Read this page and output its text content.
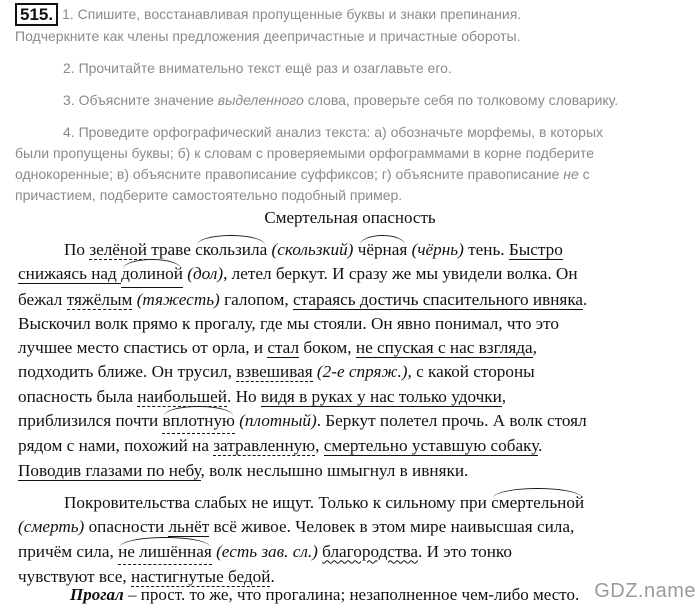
515. 1. Спишите, восстанавливая пропущенные буквы и знаки препинания.
Подчеркните как члены предложения деепричастные и причастные обороты.
2. Прочитайте внимательно текст ещё раз и озаглавьте его.
3. Объясните значение выделенного слова, проверьте себя по толковому словарику.
4. Проведите орфографический анализ текста: а) обозначьте морфемы, в которых
были пропущены буквы; б) к словам с проверяемыми орфограммами в корне подберите
однокоренные; в) объясните правописание суффиксов; г) объясните правописание не с
причастием, подберите самостоятельно подобный пример.
Смертельная опасность
По зелёной траве скользила (скользкий) чёрная (чёрнь) тень. Быстро
снижаясь над долиной (дол), летел беркут. И сразу же мы увидели волка. Он
бежал тяжёлым (тяжесть) галопом, стараясь достичь спасительного ивняка.
Выскочил волк прямо к прогалу, где мы стояли. Он явно понимал, что это
лучшее место спастись от орла, и стал боком, не спуская с нас взгляда,
подходить ближе. Он трусил, взвешивая (2-е спряж.), с какой стороны
опасность была наибольшей. Но видя в руках у нас только удочки,
приблизился почти вплотную (плотный). Беркут полетел прочь. А волк стоял
рядом с нами, похожий на затравленную, смертельно уставшую собаку.
Поводив глазами по небу, волк неслышно шмыгнул в ивняки.
Покровительства слабых не ищут. Только к сильному при смертельной
(смерть) опасности льнёт всё живое. Человек в этом мире наивысшая сила,
причём сила, не лишённая (есть зав. сл.) благородства. И это тонко
чувствуют все, настигнутые бедой.
Прогал – прост. то же, что прогалина; незаполненное чем-либо место. GDZ.name
